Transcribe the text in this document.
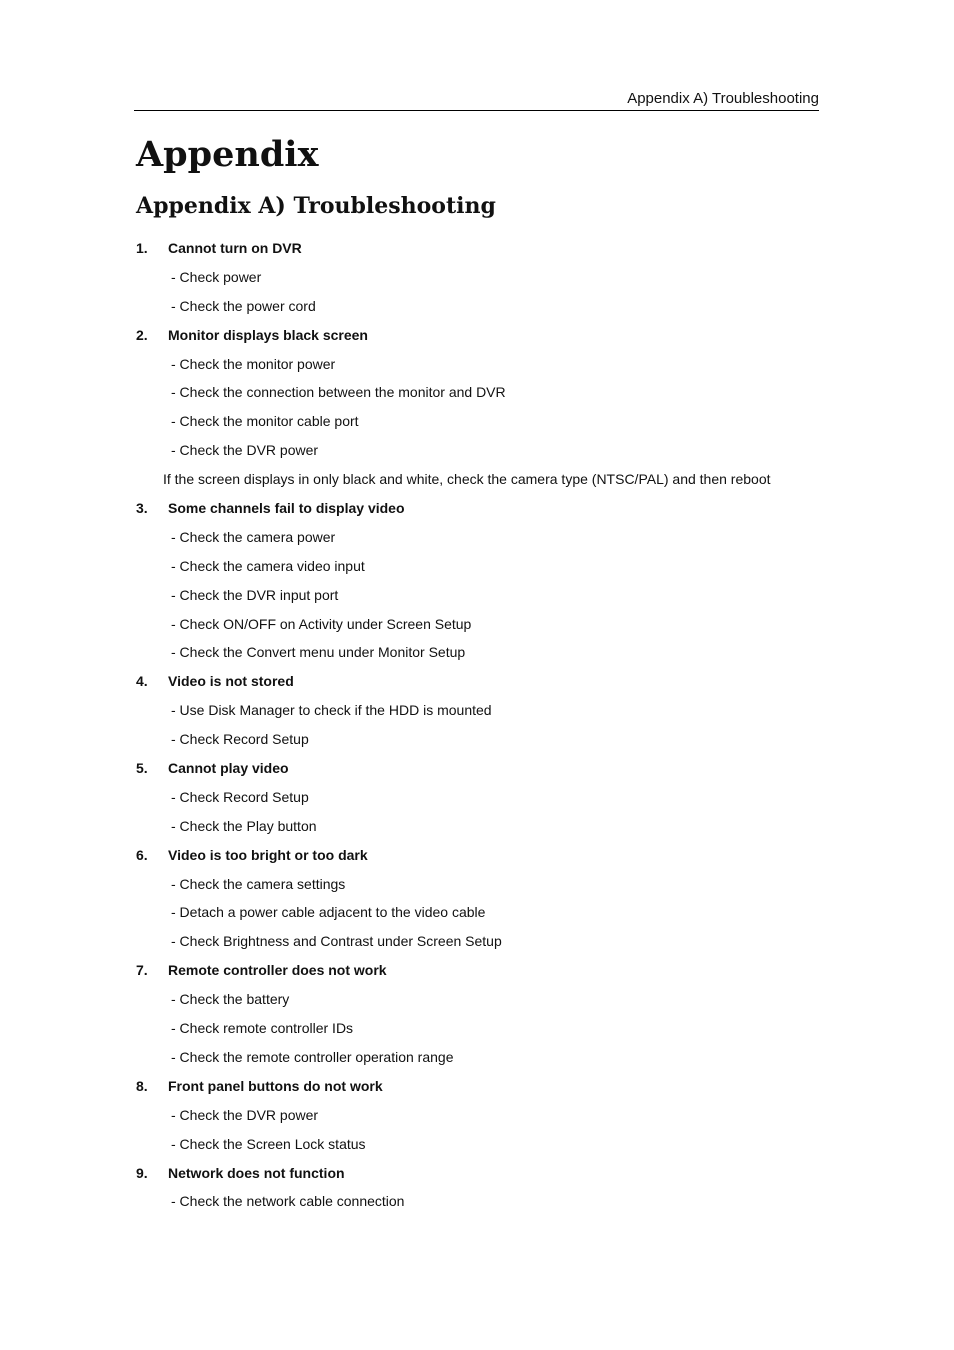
Appendix A) Troubleshooting
Appendix
Appendix A) Troubleshooting
1.	Cannot turn on DVR
- Check power
- Check the power cord
2.	Monitor displays black screen
- Check the monitor power
- Check the connection between the monitor and DVR
- Check the monitor cable port
- Check the DVR power
If the screen displays in only black and white, check the camera type (NTSC/PAL) and then reboot
3.	Some channels fail to display video
- Check the camera power
- Check the camera video input
- Check the DVR input port
- Check ON/OFF on Activity under Screen Setup
- Check the Convert menu under Monitor Setup
4.	Video is not stored
- Use Disk Manager to check if the HDD is mounted
- Check Record Setup
5.	Cannot play video
- Check Record Setup
- Check the Play button
6.	Video is too bright or too dark
- Check the camera settings
- Detach a power cable adjacent to the video cable
- Check Brightness and Contrast under Screen Setup
7.	Remote controller does not work
- Check the battery
- Check remote controller IDs
- Check the remote controller operation range
8.	Front panel buttons do not work
- Check the DVR power
- Check the Screen Lock status
9.	Network does not function
- Check the network cable connection
